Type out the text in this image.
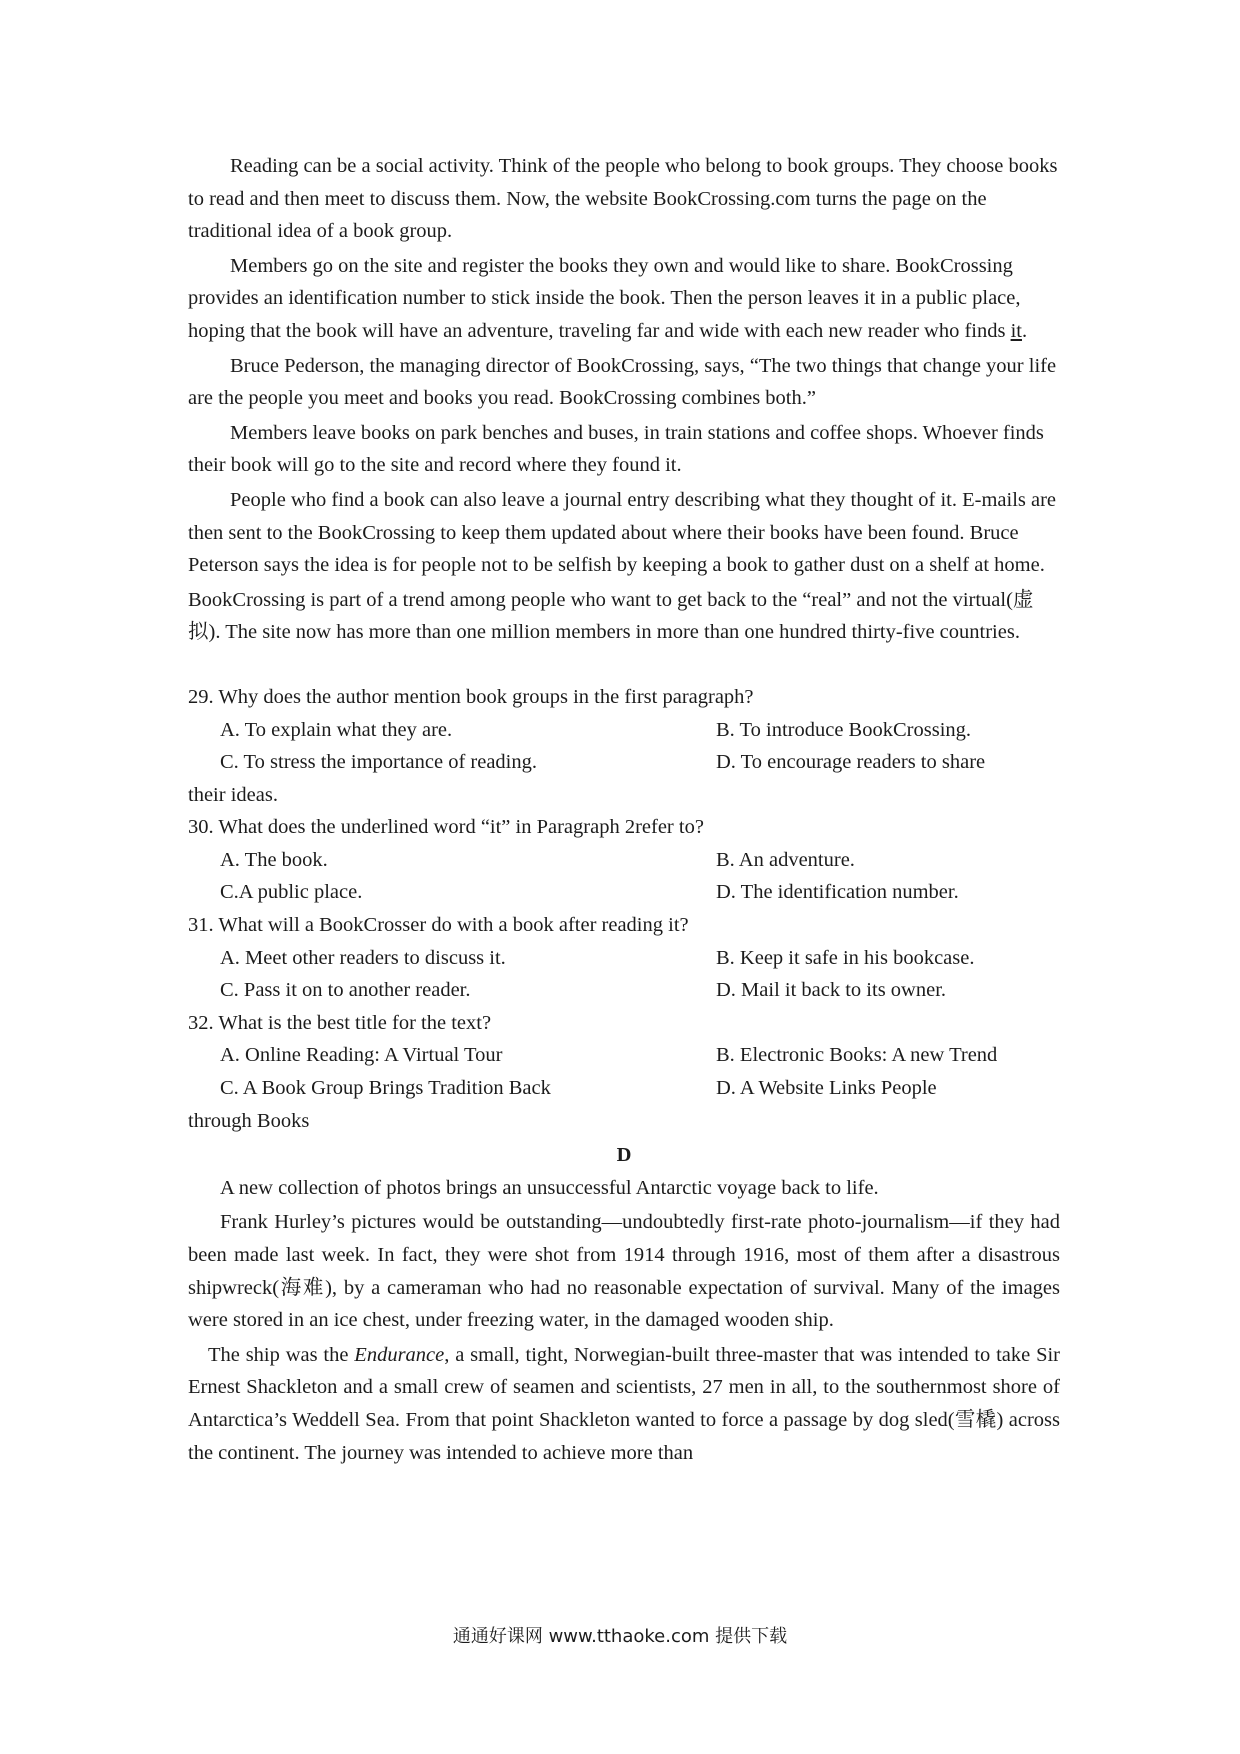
Reading can be a social activity. Think of the people who belong to book groups. They choose books to read and then meet to discuss them. Now, the website BookCrossing.com turns the page on the traditional idea of a book group.

Members go on the site and register the books they own and would like to share. BookCrossing provides an identification number to stick inside the book. Then the person leaves it in a public place, hoping that the book will have an adventure, traveling far and wide with each new reader who finds it.

Bruce Pederson, the managing director of BookCrossing, says, “The two things that change your life are the people you meet and books you read. BookCrossing combines both.”

Members leave books on park benches and buses, in train stations and coffee shops. Whoever finds their book will go to the site and record where they found it.

People who find a book can also leave a journal entry describing what they thought of it. E-mails are then sent to the BookCrossing to keep them updated about where their books have been found. Bruce Peterson says the idea is for people not to be selfish by keeping a book to gather dust on a shelf at home.

BookCrossing is part of a trend among people who want to get back to the “real” and not the virtual(虚拟). The site now has more than one million members in more than one hundred thirty-five countries.

29. Why does the author mention book groups in the first paragraph?

A. To explain what they are.	B. To introduce BookCrossing.
C. To stress the importance of reading.	D. To encourage readers to share

their ideas.

30. What does the underlined word “it” in Paragraph 2refer to?

A. The book.	B. An adventure.
C.A public place.	D. The identification number.

31. What will a BookCrosser do with a book after reading it?

A. Meet other readers to discuss it.	B. Keep it safe in his bookcase.
C. Pass it on to another reader.	D. Mail it back to its owner.

32. What is the best title for the text?

A. Online Reading: A Virtual Tour	B. Electronic Books: A new Trend
C. A Book Group Brings Tradition Back	D. A Website Links People

through Books

D

A new collection of photos brings an unsuccessful Antarctic voyage back to life.

Frank Hurley’s pictures would be outstanding—undoubtedly first-rate photo-journalism—if they had been made last week. In fact, they were shot from 1914 through 1916, most of them after a disastrous shipwreck(海难), by a cameraman who had no reasonable expectation of survival. Many of the images were stored in an ice chest, under freezing water, in the damaged wooden ship.

The ship was the Endurance, a small, tight, Norwegian-built three-master that was intended to take Sir Ernest Shackleton and a small crew of seamen and scientists, 27 men in all, to the southernmost shore of Antarctica’s Weddell Sea. From that point Shackleton wanted to force a passage by dog sled(雪橇) across the continent. The journey was intended to achieve more than

通通好课网 www.tthaoke.com 提供下载
